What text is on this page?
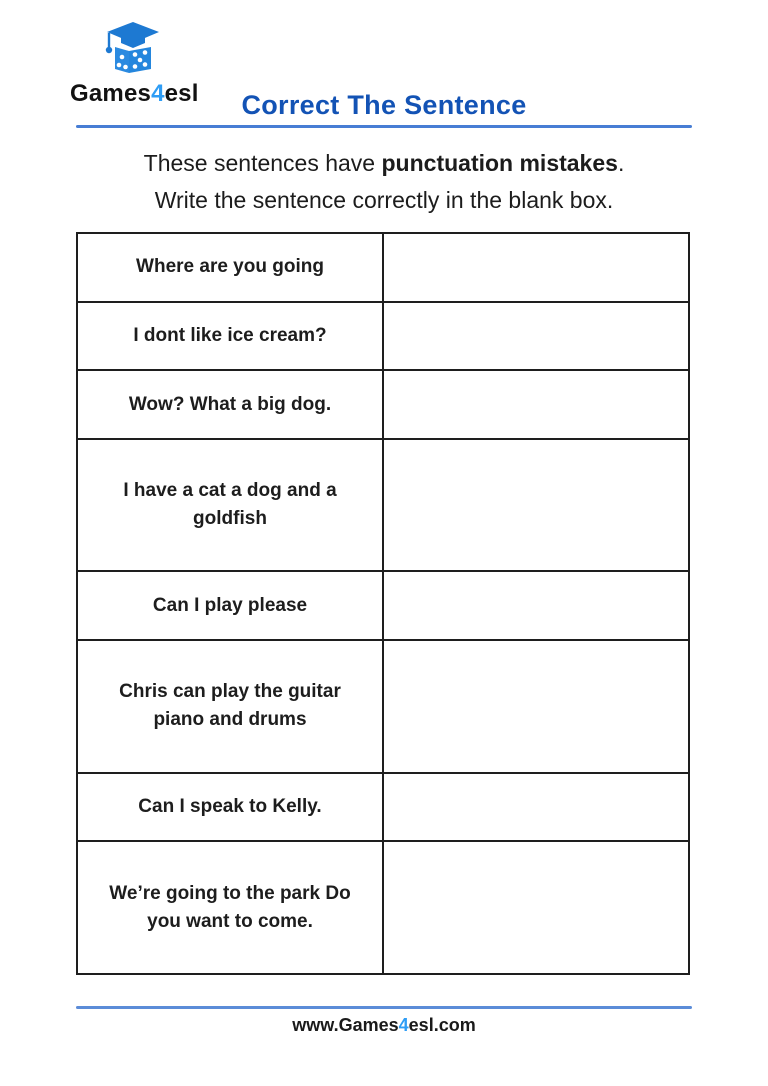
Games4esl	Correct The Sentence
These sentences have punctuation mistakes.
Write the sentence correctly in the blank box.
Where are you going	
I dont like ice cream?	
Wow? What a big dog.	
I have a cat a dog and a goldfish	
Can I play please	
Chris can play the guitar piano and drums	
Can I speak to Kelly.	
We’re going to the park Do you want to come.	
www.Games4esl.com
